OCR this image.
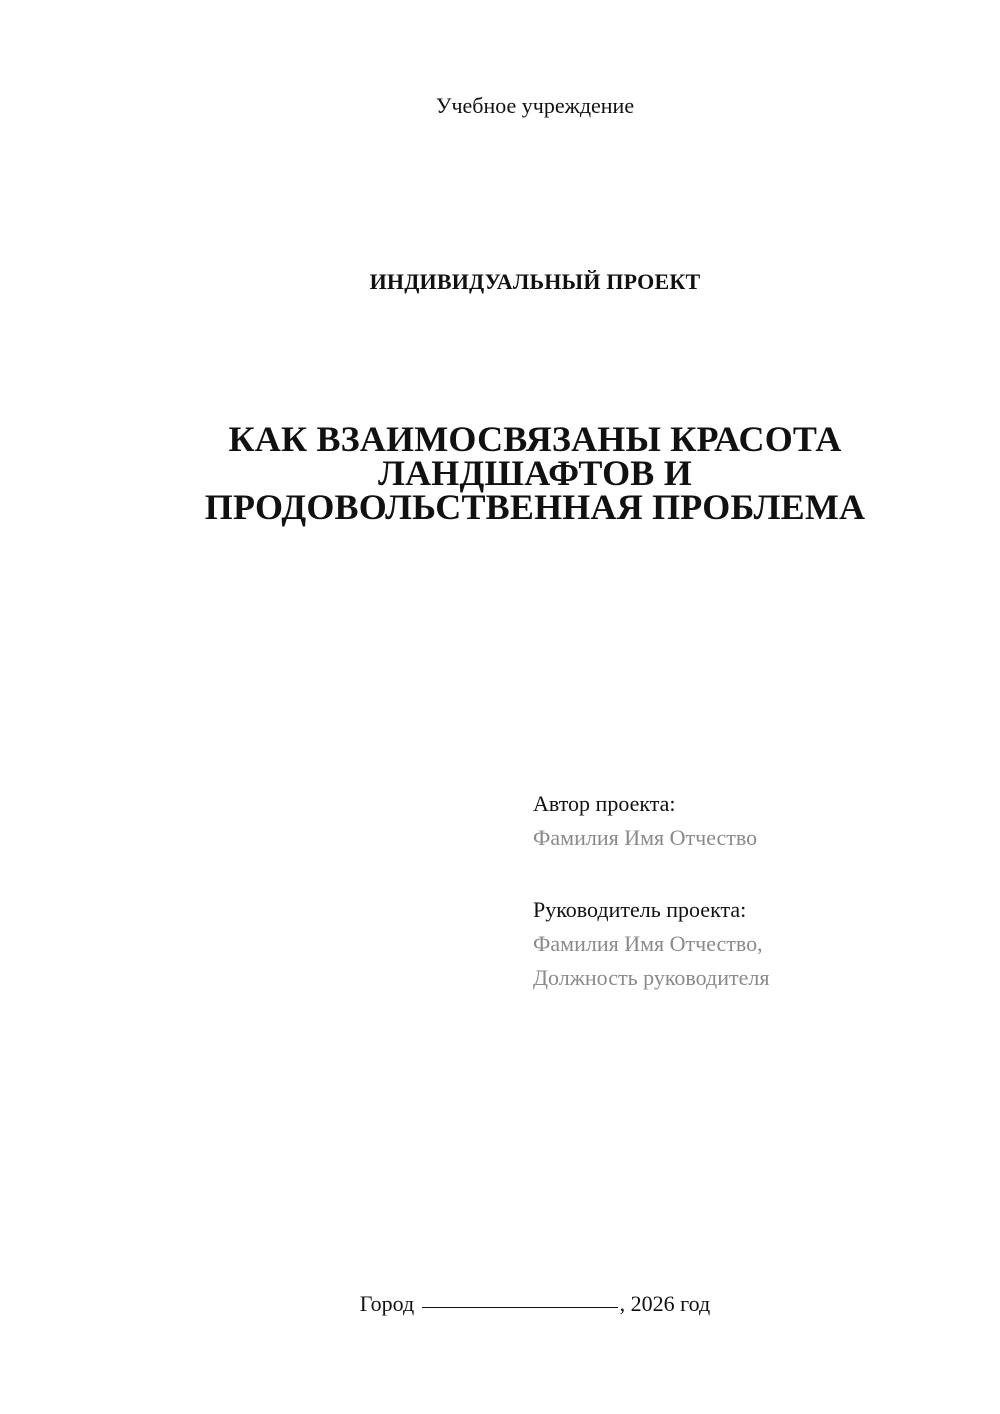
Учебное учреждение
ИНДИВИДУАЛЬНЫЙ ПРОЕКТ
КАК ВЗАИМОСВЯЗАНЫ КРАСОТА
ЛАНДШАФТОВ И
ПРОДОВОЛЬСТВЕННАЯ ПРОБЛЕМА
Автор проекта:
Фамилия Имя Отчество
Руководитель проекта:
Фамилия Имя Отчество,
Должность руководителя
Город	, 2026 год
